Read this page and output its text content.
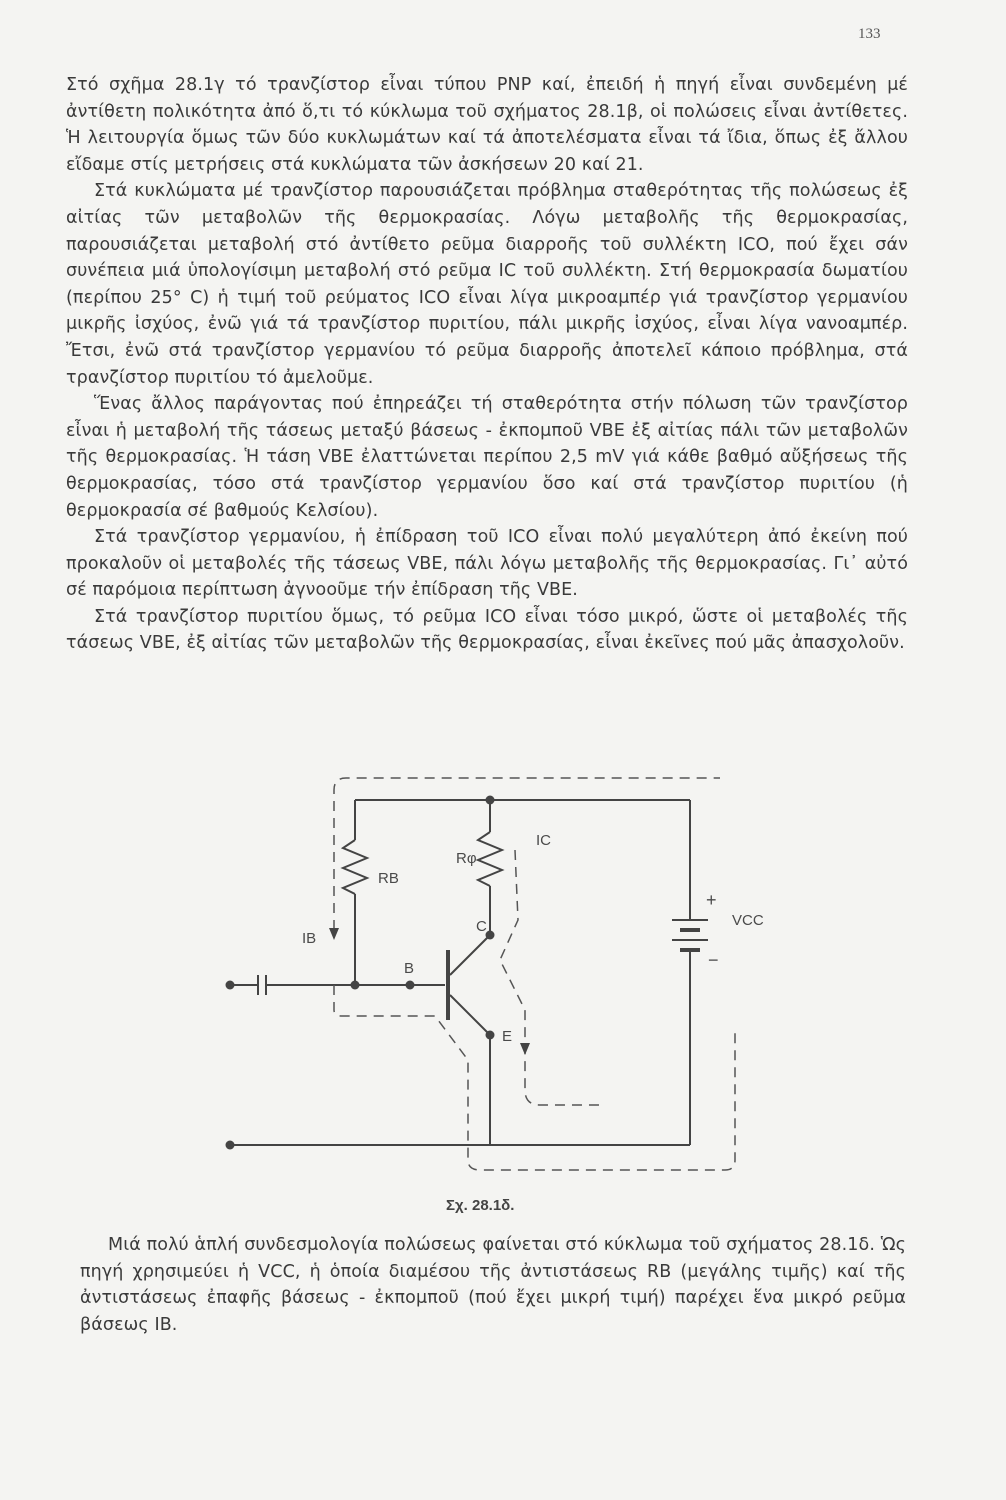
133

Στό σχῆμα 28.1γ τό τρανζίστορ εἶναι τύπου PNP καί, ἐπειδή ἡ πηγή εἶναι συνδεμένη μέ ἀντίθετη πολικότητα ἀπό ὅ,τι τό κύκλωμα τοῦ σχήματος 28.1β, οἱ πολώσεις εἶναι ἀντίθετες. Ἡ λειτουργία ὅμως τῶν δύο κυκλωμάτων καί τά ἀποτελέσματα εἶναι τά ἴδια, ὅπως ἐξ ἄλλου εἴδαμε στίς μετρήσεις στά κυκλώματα τῶν ἀσκήσεων 20 καί 21.

Στά κυκλώματα μέ τρανζίστορ παρουσιάζεται πρόβλημα σταθερότητας τῆς πολώσεως ἐξ αἰτίας τῶν μεταβολῶν τῆς θερμοκρασίας. Λόγω μεταβολῆς τῆς θερμοκρασίας, παρουσιάζεται μεταβολή στό ἀντίθετο ρεῦμα διαρροῆς τοῦ συλλέκτη ICO, πού ἔχει σάν συνέπεια μιά ὑπολογίσιμη μεταβολή στό ρεῦμα IC τοῦ συλλέκτη. Στή θερμοκρασία δωματίου (περίπου 25° C) ἡ τιμή τοῦ ρεύματος ICO εἶναι λίγα μικροαμπέρ γιά τρανζίστορ γερμανίου μικρῆς ἰσχύος, ἐνῶ γιά τά τρανζίστορ πυριτίου, πάλι μικρῆς ἰσχύος, εἶναι λίγα νανοαμπέρ. Ἔτσι, ἐνῶ στά τρανζίστορ γερμανίου τό ρεῦμα διαρροῆς ἀποτελεῖ κάποιο πρόβλημα, στά τρανζίστορ πυριτίου τό ἀμελοῦμε.

Ἕνας ἄλλος παράγοντας πού ἐπηρεάζει τή σταθερότητα στήν πόλωση τῶν τρανζίστορ εἶναι ἡ μεταβολή τῆς τάσεως μεταξύ βάσεως - ἐκπομποῦ VBE ἐξ αἰτίας πάλι τῶν μεταβολῶν τῆς θερμοκρασίας. Ἡ τάση VBE ἐλαττώνεται περίπου 2,5 mV γιά κάθε βαθμό αὔξήσεως τῆς θερμοκρασίας, τόσο στά τρανζίστορ γερμανίου ὅσο καί στά τρανζίστορ πυριτίου (ἡ θερμοκρασία σέ βαθμούς Κελσίου).

Στά τρανζίστορ γερμανίου, ἡ ἐπίδραση τοῦ ICO εἶναι πολύ μεγαλύτερη ἀπό ἐκείνη πού προκαλοῦν οἱ μεταβολές τῆς τάσεως VBE, πάλι λόγω μεταβολῆς τῆς θερμοκρασίας. Γι᾽ αὐτό σέ παρόμοια περίπτωση ἀγνοοῦμε τήν ἐπίδραση τῆς VBE.

Στά τρανζίστορ πυριτίου ὅμως, τό ρεῦμα ICO εἶναι τόσο μικρό, ὥστε οἱ μεταβολές τῆς τάσεως VBE, ἐξ αἰτίας τῶν μεταβολῶν τῆς θερμοκρασίας, εἶναι ἐκεῖνες πού μᾶς ἀπασχολοῦν.

RB
Rφ
IC
IB
B
C
E
+
−
VCC
Σχ. 28.1δ.

Μιά πολύ ἁπλή συνδεσμολογία πολώσεως φαίνεται στό κύκλωμα τοῦ σχήματος 28.1δ. Ὡς πηγή χρησιμεύει ἡ VCC, ἡ ὁποία διαμέσου τῆς ἀντιστάσεως RB (μεγάλης τιμῆς) καί τῆς ἀντιστάσεως ἐπαφῆς βάσεως - ἐκπομποῦ (πού ἔχει μικρή τιμή) παρέχει ἕνα μικρό ρεῦμα βάσεως IB.
